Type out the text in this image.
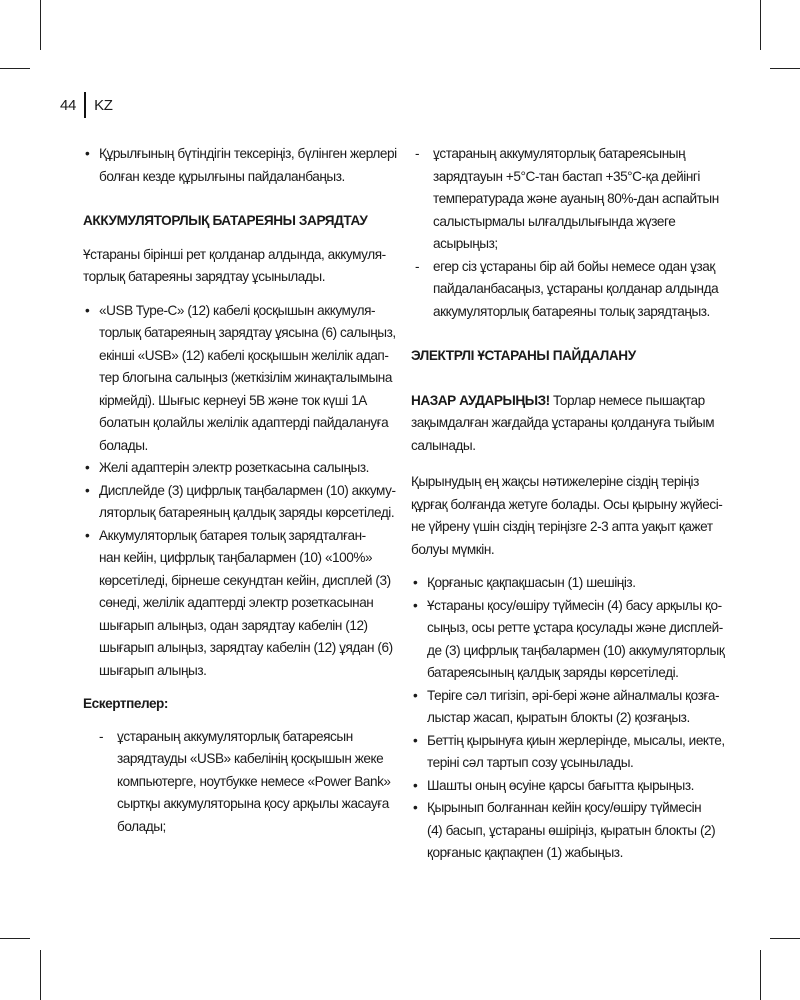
44 KZ
• Құрылғының бүтіндігін тексеріңіз, бүлінген жерлері
болған кезде құрылғыны пайдаланбаңыз.
АККУМУЛЯТОРЛЫҚ БАТАРЕЯНЫ ЗАРЯДТАУ

Ұстараны бірінші рет қолданар алдында, аккумуля-
торлық батареяны зарядтау ұсынылады.

• «USB Type-C» (12) кабелі қосқышын аккумуля-
торлық батареяның зарядтау ұясына (6) салыңыз,
екінші «USB» (12) кабелі қосқышын желілік адап-
тер блогына салыңыз (жеткізілім жинақталымына
кірмейді). Шығыс кернеуі 5В және ток күші 1А
болатын қолайлы желілік адаптерді пайдалануға
болады.
• Желі адаптерін электр розеткасына салыңыз.
• Дисплейде (3) цифрлық таңбалармен (10) аккуму-
ляторлық батареяның қалдық заряды көрсетіледі.
• Аккумуляторлық батарея толық зарядталған-
нан кейін, цифрлық таңбалармен (10) «100%»
көрсетіледі, бірнеше секундтан кейін, дисплей (3)
сөнеді, желілік адаптерді электр розеткасынан
шығарып алыңыз, одан зарядтау кабелін (12)
шығарып алыңыз, зарядтау кабелін (12) ұядан (6)
шығарып алыңыз.
Ескертпелер:
- ұстараның аккумуляторлық батареясын
зарядтауды «USB» кабелінің қосқышын жеке
компьютерге, ноутбукке немесе «Power Bank»
сыртқы аккумуляторына қосу арқылы жасауға
болады;
- ұстараның аккумуляторлық батареясының
зарядтауын +5°С-тан бастап +35°С-қа дейінгі
температурада және ауаның 80%-дан аспайтын
салыстырмалы ылғалдылығында жүзеге
асырыңыз;
- егер сіз ұстараны бір ай бойы немесе одан ұзақ
пайдаланбасаңыз, ұстараны қолданар алдында
аккумуляторлық батареяны толық зарядтаңыз.
ЭЛЕКТРЛІ ҰСТАРАНЫ ПАЙДАЛАНУ

НАЗАР АУДАРЫҢЫЗ! Торлар немесе пышақтар
зақымдалған жағдайда ұстараны қолдануға тыйым
салынады.

Қырынудың ең жақсы нәтижелеріне сіздің теріңіз
құрғақ болғанда жетуге болады. Осы қырыну жүйесі-
не үйрену үшін сіздің теріңізге 2-3 апта уақыт қажет
болуы мүмкін.

• Қорғаныс қақпақшасын (1) шешіңіз.
• Ұстараны қосу/өшіру түймесін (4) басу арқылы қо-
сыңыз, осы ретте ұстара қосулады және дисплей-
де (3) цифрлық таңбалармен (10) аккумуляторлық
батареясының қалдық заряды көрсетіледі.
• Теріге сәл тигізіп, әрі-бері және айналмалы қозға-
лыстар жасап, қыратын блокты (2) қозғаңыз.
• Беттің қырынуға қиын жерлерінде, мысалы, иекте,
теріні сәл тартып созу ұсынылады.
• Шашты оның өсуіне қарсы бағытта қырыңыз.
• Қырынып болғаннан кейін қосу/өшіру түймесін
(4) басып, ұстараны өшіріңіз, қыратын блокты (2)
қорғаныс қақпақпен (1) жабыңыз.
